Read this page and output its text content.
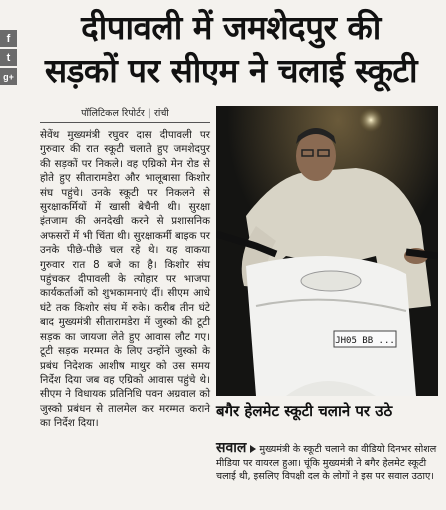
f
t
g+
दीपावली में जमशेदपुर की
सड़कों पर सीएम ने चलाई स्कूटी
पॉलिटिकल रिपोर्टर | रांची
सेवेंथ मुख्यमंत्री रघुवर दास दीपावली पर गुरुवार की रात स्कूटी चलाते हुए जमशेदपुर की सड़कों पर निकले। वह एग्रिको मेन रोड से होते हुए सीतारामडेरा और भालूबासा किशोर संघ पहुंचे। उनके स्कूटी पर निकलने से सुरक्षाकर्मियों में खासी बेचैनी थी। सुरक्षा इंतजाम की अनदेखी करने से प्रशासनिक अफसरों में भी चिंता थी। सुरक्षाकर्मी बाइक पर उनके पीछे-पीछे चल रहे थे। यह वाकया गुरुवार रात 8 बजे का है। किशोर संघ पहुंचकर दीपावली के त्योहार पर भाजपा कार्यकर्ताओं को शुभकामनाएं दीं। सीएम आधे घंटे तक किशोर संघ में रुके। करीब तीन घंटे बाद मुख्यमंत्री सीतारामडेरा में जुस्को की टूटी सड़क का जायजा लेते हुए आवास लौट गए। टूटी सड़क मरम्मत के लिए उन्होंने जुस्को के प्रबंध निदेशक आशीष माथुर को उस समय निर्देश दिया जब वह एग्रिको आवास पहुंचे थे। सीएम ने विधायक प्रतिनिधि पवन अग्रवाल को जुस्को प्रबंधन से तालमेल कर मरम्मत कराने का निर्देश दिया।
JH05 BB ...
बगैर हेलमेट स्कूटी चलाने पर उठे
सवाल मुख्यमंत्री के स्कूटी चलाने का वीडियो दिनभर सोशल मीडिया पर वायरल हुआ। चूंकि मुख्यमंत्री ने बगैर हेलमेट स्कूटी चलाई थी, इसलिए विपक्षी दल के लोगों ने इस पर सवाल उठाए।
